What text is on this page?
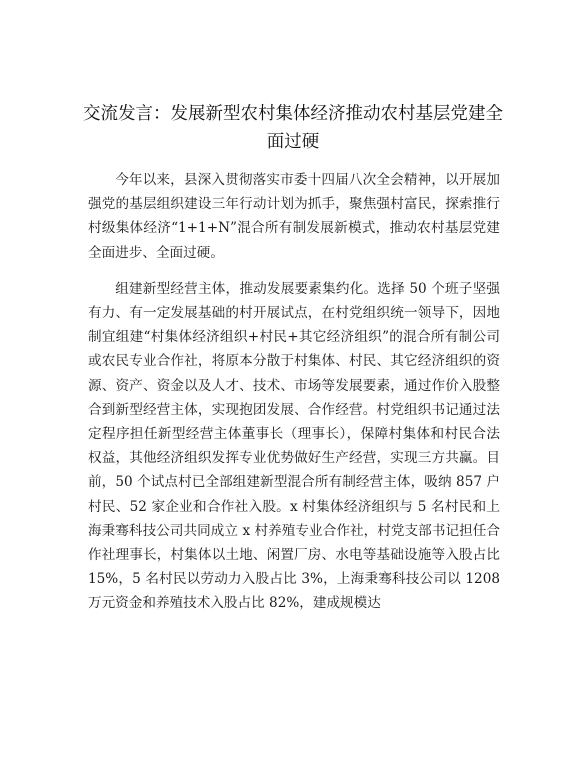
交流发言：发展新型农村集体经济推动农村基层党建全面过硬

今年以来，县深入贯彻落实市委十四届八次全会精神，以开展加强党的基层组织建设三年行动计划为抓手，聚焦强村富民，探索推行村级集体经济“1+1+N”混合所有制发展新模式，推动农村基层党建全面进步、全面过硬。

组建新型经营主体，推动发展要素集约化。选择 50 个班子坚强有力、有一定发展基础的村开展试点，在村党组织统一领导下，因地制宜组建“村集体经济组织+村民+其它经济组织”的混合所有制公司或农民专业合作社，将原本分散于村集体、村民、其它经济组织的资源、资产、资金以及人才、技术、市场等发展要素，通过作价入股整合到新型经营主体，实现抱团发展、合作经营。村党组织书记通过法定程序担任新型经营主体董事长（理事长），保障村集体和村民合法权益，其他经济组织发挥专业优势做好生产经营，实现三方共赢。目前，50 个试点村已全部组建新型混合所有制经营主体，吸纳 857 户村民、52 家企业和合作社入股。x 村集体经济组织与 5 名村民和上海秉骞科技公司共同成立 x 村养殖专业合作社，村党支部书记担任合作社理事长，村集体以土地、闲置厂房、水电等基础设施等入股占比 15%，5 名村民以劳动力入股占比 3%，上海秉骞科技公司以 1208 万元资金和养殖技术入股占比 82%，建成规模达
